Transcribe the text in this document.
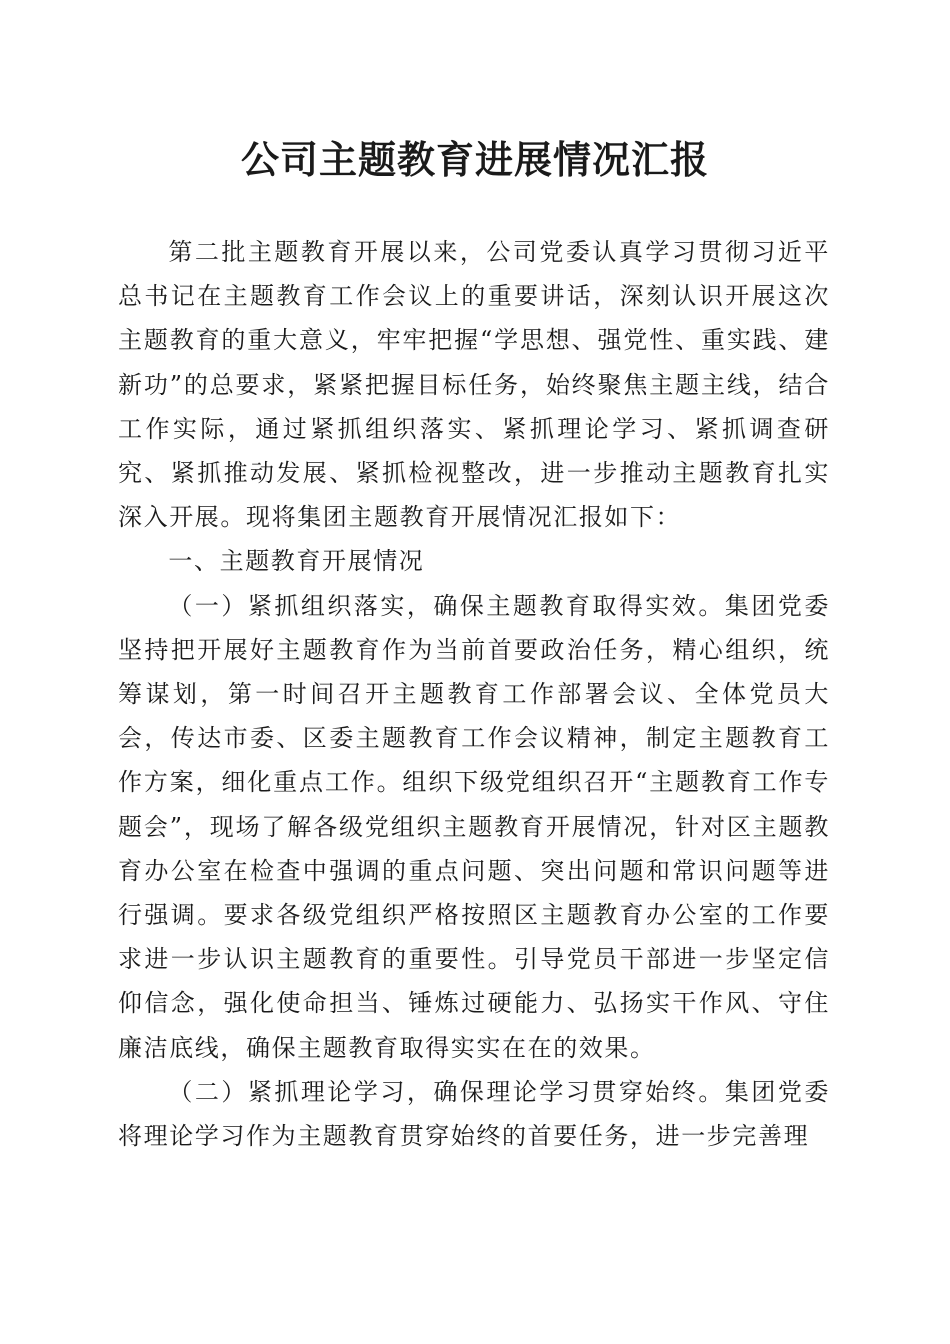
公司主题教育进展情况汇报

第二批主题教育开展以来，公司党委认真学习贯彻习近平总书记在主题教育工作会议上的重要讲话，深刻认识开展这次主题教育的重大意义，牢牢把握“学思想、强党性、重实践、建新功”的总要求，紧紧把握目标任务，始终聚焦主题主线，结合工作实际，通过紧抓组织落实、紧抓理论学习、紧抓调查研究、紧抓推动发展、紧抓检视整改，进一步推动主题教育扎实深入开展。现将集团主题教育开展情况汇报如下：

一、主题教育开展情况

（一）紧抓组织落实，确保主题教育取得实效。集团党委坚持把开展好主题教育作为当前首要政治任务，精心组织，统筹谋划，第一时间召开主题教育工作部署会议、全体党员大会，传达市委、区委主题教育工作会议精神，制定主题教育工作方案，细化重点工作。组织下级党组织召开“主题教育工作专题会”，现场了解各级党组织主题教育开展情况，针对区主题教育办公室在检查中强调的重点问题、突出问题和常识问题等进行强调。要求各级党组织严格按照区主题教育办公室的工作要求进一步认识主题教育的重要性。引导党员干部进一步坚定信仰信念，强化使命担当、锤炼过硬能力、弘扬实干作风、守住廉洁底线，确保主题教育取得实实在在的效果。

（二）紧抓理论学习，确保理论学习贯穿始终。集团党委将理论学习作为主题教育贯穿始终的首要任务，进一步完善理
